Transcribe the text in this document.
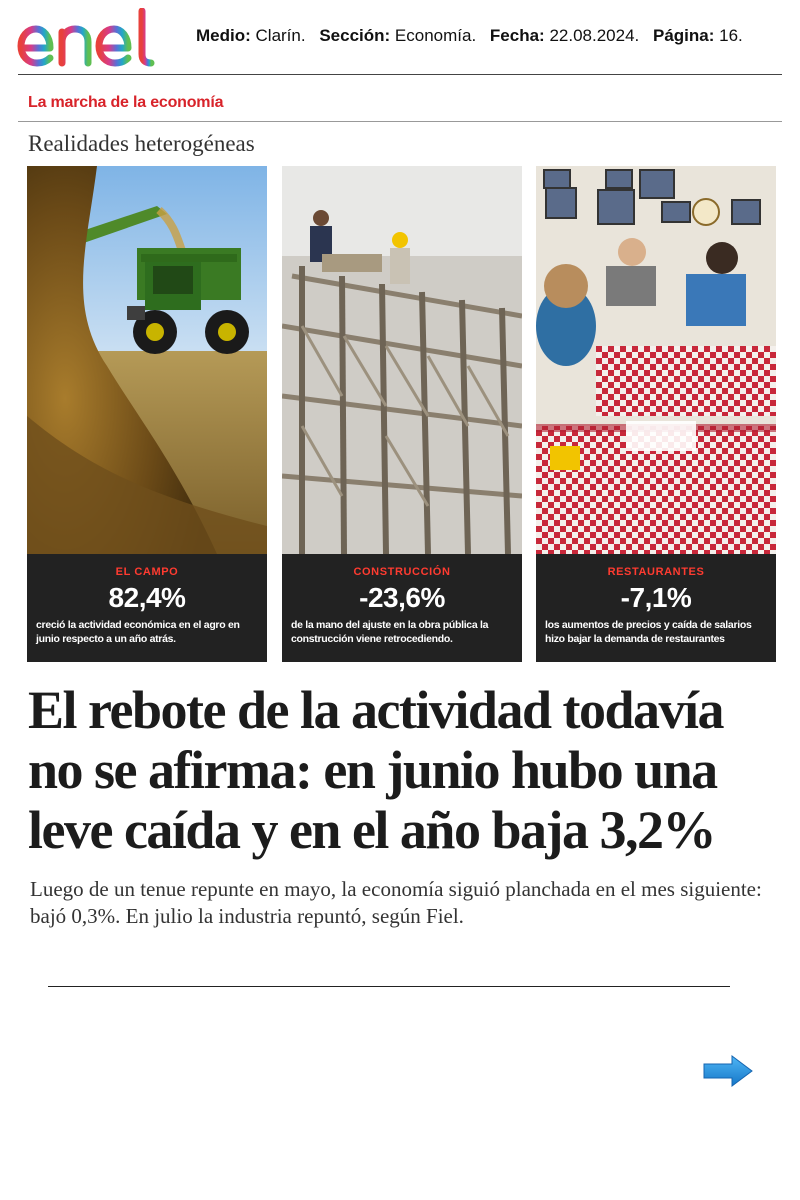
Medio: Clarín. Sección: Economía. Fecha: 22.08.2024. Página: 16.
La marcha de la economía
Realidades heterogéneas
EL CAMPO
82,4%
creció la actividad económica en el agro en junio respecto a un año atrás.
CONSTRUCCIÓN
-23,6%
de la mano del ajuste en la obra pública la construcción viene retrocediendo.
RESTAURANTES
-7,1%
los aumentos de precios y caída de salarios hizo bajar la demanda de restaurantes
El rebote de la actividad todavía no se afirma: en junio hubo una leve caída y en el año baja 3,2%

Luego de un tenue repunte en mayo, la economía siguió planchada en el mes siguiente: bajó 0,3%. En julio la industria repuntó, según Fiel.
